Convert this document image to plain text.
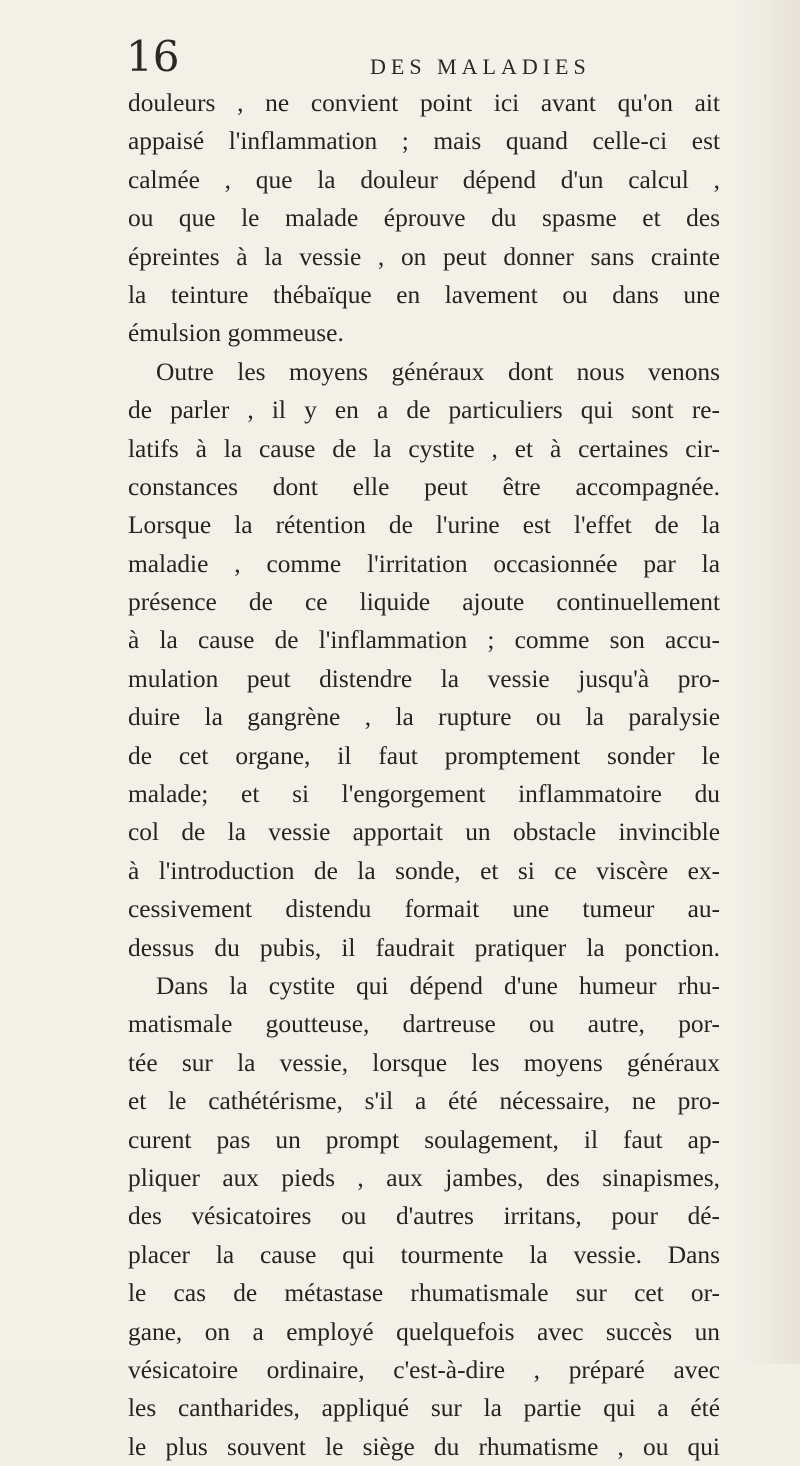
16	DES MALADIES
douleurs , ne convient point ici avant qu'on ait
appaisé l'inflammation ; mais quand celle-ci est
calmée , que la douleur dépend d'un calcul ,
ou que le malade éprouve du spasme et des
épreintes à la vessie , on peut donner sans crainte
la teinture thébaïque en lavement ou dans une
émulsion gommeuse.
Outre les moyens généraux dont nous venons
de parler , il y en a de particuliers qui sont re-
latifs à la cause de la cystite , et à certaines cir-
constances dont elle peut être accompagnée.
Lorsque la rétention de l'urine est l'effet de la
maladie , comme l'irritation occasionnée par la
présence de ce liquide ajoute continuellement
à la cause de l'inflammation ; comme son accu-
mulation peut distendre la vessie jusqu'à pro-
duire la gangrène , la rupture ou la paralysie
de cet organe, il faut promptement sonder le
malade; et si l'engorgement inflammatoire du
col de la vessie apportait un obstacle invincible
à l'introduction de la sonde, et si ce viscère ex-
cessivement distendu formait une tumeur au-
dessus du pubis, il faudrait pratiquer la ponction.
Dans la cystite qui dépend d'une humeur rhu-
matismale goutteuse, dartreuse ou autre, por-
tée sur la vessie, lorsque les moyens généraux
et le cathétérisme, s'il a été nécessaire, ne pro-
curent pas un prompt soulagement, il faut ap-
pliquer aux pieds , aux jambes, des sinapismes,
des vésicatoires ou d'autres irritans, pour dé-
placer la cause qui tourmente la vessie. Dans
le cas de métastase rhumatismale sur cet or-
gane, on a employé quelquefois avec succès un
vésicatoire ordinaire, c'est-à-dire , préparé avec
les cantharides, appliqué sur la partie qui a été
le plus souvent le siège du rhumatisme , ou qui
